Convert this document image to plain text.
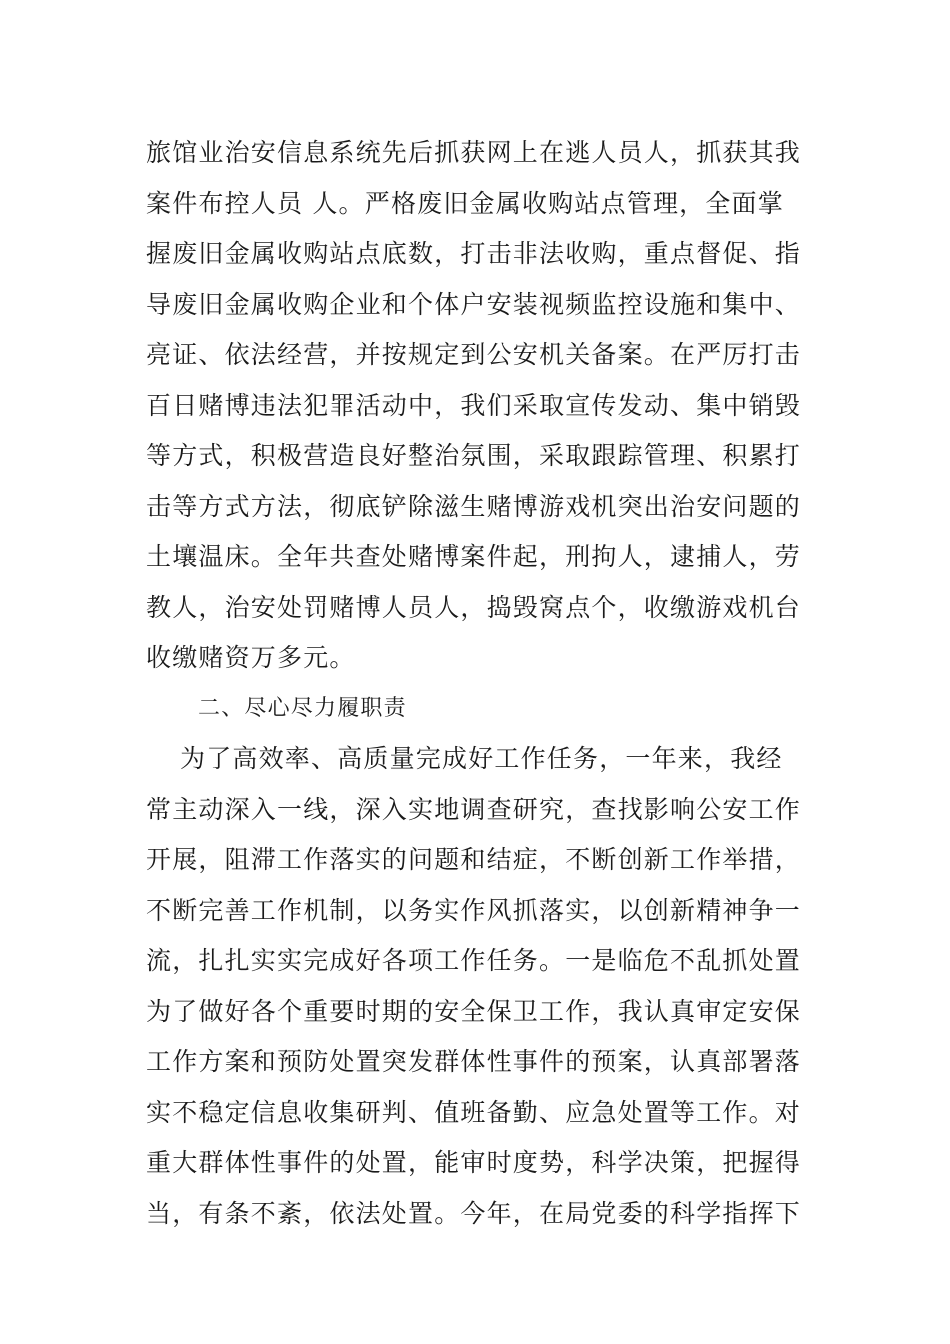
旅馆业治安信息系统先后抓获网上在逃人员人，抓获其我
案件布控人员 人。严格废旧金属收购站点管理，全面掌
握废旧金属收购站点底数，打击非法收购，重点督促、指
导废旧金属收购企业和个体户安装视频监控设施和集中、
亮证、依法经营，并按规定到公安机关备案。在严厉打击
百日赌博违法犯罪活动中，我们采取宣传发动、集中销毁
等方式，积极营造良好整治氛围，采取跟踪管理、积累打
击等方式方法，彻底铲除滋生赌博游戏机突出治安问题的
土壤温床。全年共查处赌博案件起，刑拘人，逮捕人，劳
教人，治安处罚赌博人员人，捣毁窝点个，收缴游戏机台
收缴赌资万多元。
二、尽心尽力履职责
为了高效率、高质量完成好工作任务，一年来，我经
常主动深入一线，深入实地调查研究，查找影响公安工作
开展，阻滞工作落实的问题和结症，不断创新工作举措，
不断完善工作机制，以务实作风抓落实，以创新精神争一
流，扎扎实实完成好各项工作任务。一是临危不乱抓处置
为了做好各个重要时期的安全保卫工作，我认真审定安保
工作方案和预防处置突发群体性事件的预案，认真部署落
实不稳定信息收集研判、值班备勤、应急处置等工作。对
重大群体性事件的处置，能审时度势，科学决策，把握得
当，有条不紊，依法处置。今年，在局党委的科学指挥下
